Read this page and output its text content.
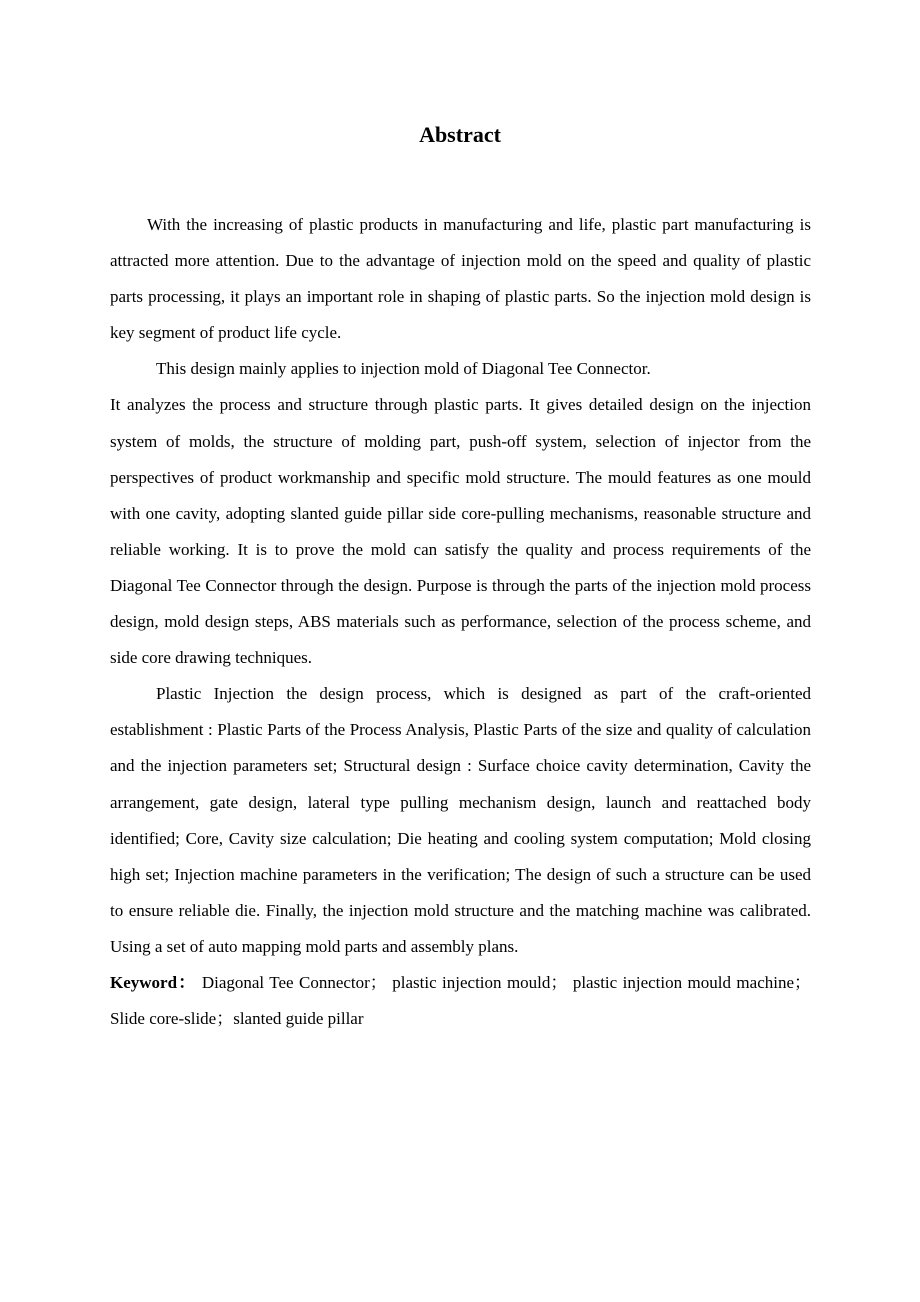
Abstract

With the increasing of plastic products in manufacturing and life, plastic part manufacturing is attracted more attention. Due to the advantage of injection mold on the speed and quality of plastic parts processing, it plays an important role in shaping of plastic parts. So the injection mold design is key segment of product life cycle.

This design mainly applies to injection mold of Diagonal Tee Connector.

It analyzes the process and structure through plastic parts. It gives detailed design on the injection system of molds, the structure of molding part, push-off system, selection of injector from the perspectives of product workmanship and specific mold structure. The mould features as one mould with one cavity, adopting slanted guide pillar side core-pulling mechanisms, reasonable structure and reliable working. It is to prove the mold can satisfy the quality and process requirements of the Diagonal Tee Connector through the design. Purpose is through the parts of the injection mold process design, mold design steps, ABS materials such as performance, selection of the process scheme, and side core drawing techniques.

Plastic Injection the design process, which is designed as part of the craft-oriented establishment : Plastic Parts of the Process Analysis, Plastic Parts of the size and quality of calculation and the injection parameters set; Structural design : Surface choice cavity determination, Cavity the arrangement, gate design, lateral type pulling mechanism design, launch and reattached body identified; Core, Cavity size calculation; Die heating and cooling system computation; Mold closing high set; Injection machine parameters in the verification; The design of such a structure can be used to ensure reliable die. Finally, the injection mold structure and the matching machine was calibrated. Using a set of auto mapping mold parts and assembly plans.

Keyword： Diagonal Tee Connector； plastic injection mould； plastic injection mould machine；Slide core-slide；slanted guide pillar
